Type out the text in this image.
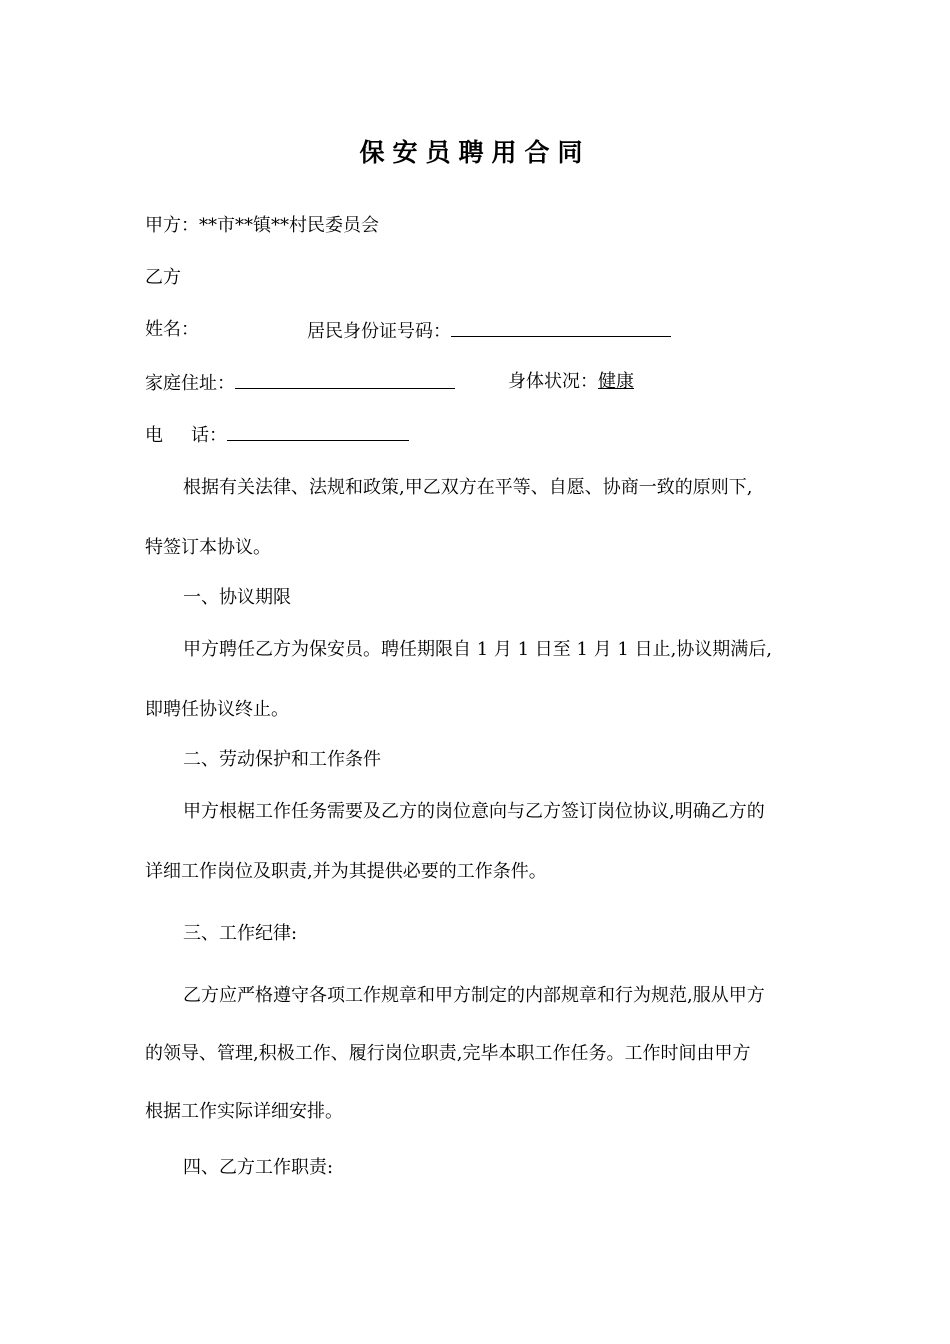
保安员聘用合同
甲方：**市**镇**村民委员会
乙方
姓名：	居民身份证号码：
家庭住址：	身体状况：健康
电 话：
根据有关法律、法规和政策,甲乙双方在平等、自愿、协商一致的原则下,
特签订本协议。
一、协议期限
甲方聘任乙方为保安员。聘任期限自 1 月 1 日至 1 月 1 日止,协议期满后,
即聘任协议终止。
二、劳动保护和工作条件
甲方根椐工作任务需要及乙方的岗位意向与乙方签订岗位协议,明确乙方的
详细工作岗位及职责,并为其提供必要的工作条件。
三、工作纪律:
乙方应严格遵守各项工作规章和甲方制定的内部规章和行为规范,服从甲方
的领导、管理,积极工作、履行岗位职责,完毕本职工作任务。工作时间由甲方
根据工作实际详细安排。
四、乙方工作职责:
